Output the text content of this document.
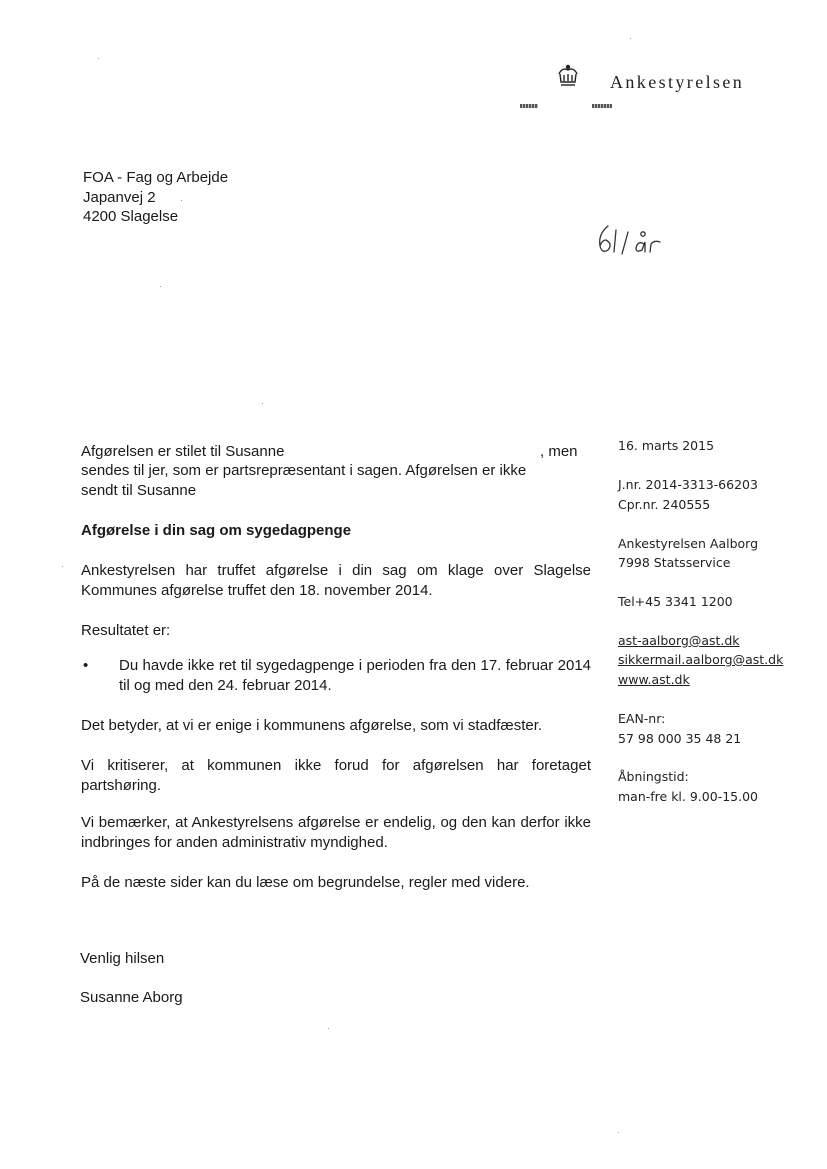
Ankestyrelsen
FOA - Fag og Arbejde
Japanvej 2
4200 Slagelse
Afgørelsen er stilet til Susanne	, men
sendes til jer, som er partsrepræsentant i sagen. Afgørelsen er ikke
sendt til Susanne
Afgørelse i din sag om sygedagpenge
Ankestyrelsen har truffet afgørelse i din sag om klage over Slagelse Kommunes afgørelse truffet den 18. november 2014.
Resultatet er:
• Du havde ikke ret til sygedagpenge i perioden fra den 17. februar 2014 til og med den 24. februar 2014.
Det betyder, at vi er enige i kommunens afgørelse, som vi stadfæster.
Vi kritiserer, at kommunen ikke forud for afgørelsen har foretaget partshøring.
Vi bemærker, at Ankestyrelsens afgørelse er endelig, og den kan derfor ikke indbringes for anden administrativ myndighed.
På de næste sider kan du læse om begrundelse, regler med videre.
Venlig hilsen
Susanne Aborg
16. marts 2015
J.nr. 2014-3313-66203
Cpr.nr. 240555
Ankestyrelsen Aalborg
7998 Statsservice
Tel+45 3341 1200
ast-aalborg@ast.dk
sikkermail.aalborg@ast.dk
www.ast.dk
EAN-nr:
57 98 000 35 48 21
Åbningstid:
man-fre kl. 9.00-15.00
